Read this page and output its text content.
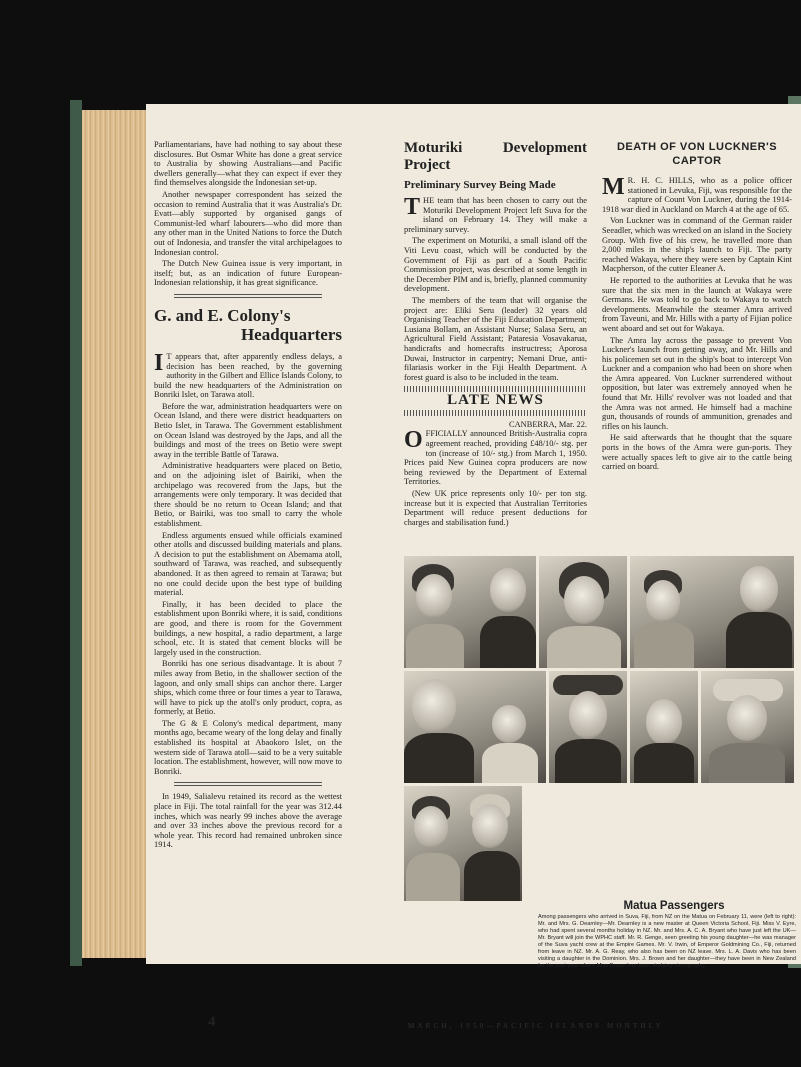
Parliamentarians, have had nothing to say about these disclosures. But Osmar White has done a great service to Australia by showing Australians—and Pacific dwellers generally—what they can expect if ever they find themselves alongside the Indonesian set-up.

Another newspaper correspondent has seized the occasion to remind Australia that it was Australia's Dr. Evatt—ably supported by organised gangs of Communist-led wharf labourers—who did more than any other man in the United Nations to force the Dutch out of Indonesia, and transfer the vital archipelagoes to Indonesian control.

The Dutch New Guinea issue is very important, in itself; but, as an indication of future European-Indonesian relationship, it has great significance.

G. and E. Colony's
Headquarters

I T appears that, after apparently endless delays, a decision has been reached, by the governing authority in the Gilbert and Ellice Islands Colony, to build the new headquarters of the Administration on Bonriki Islet, on Tarawa atoll.

Before the war, administration headquarters were on Ocean Island, and there were district headquarters on Betio Islet, in Tarawa. The Government establishment on Ocean Island was destroyed by the Japs, and all the buildings and most of the trees on Betio were swept away in the terrible Battle of Tarawa.

Administrative headquarters were placed on Betio, and on the adjoining islet of Bairiki, when the archipelago was recovered from the Japs, but the arrangements were only temporary. It was decided that there should be no return to Ocean Island; and that Betio, or Bairiki, was too small to carry the whole establishment.

Endless arguments ensued while officials examined other atolls and discussed building materials and plans. A decision to put the establishment on Abemama atoll, southward of Tarawa, was reached, and subsequently abandoned. It as then agreed to remain at Tarawa; but no one could decide upon the best type of building material.

Finally, it has been decided to place the establishment upon Bonriki where, it is said, conditions are good, and there is room for the Government buildings, a new hospital, a radio department, a large school, etc. It is stated that cement blocks will be largely used in the construction.

Bonriki has one serious disadvantage. It is about 7 miles away from Betio, in the shallower section of the lagoon, and only small ships can anchor there. Larger ships, which come three or four times a year to Tarawa, will have to pick up the atoll's only product, copra, as formerly, at Betio.

The G & E Colony's medical department, many months ago, became weary of the long delay and finally established its hospital at Abaokoro Islet, on the western side of Tarawa atoll—said to be a very suitable location. The establishment, however, will now move to Bonriki.

In 1949, Salialevu retained its record as the wettest place in Fiji. The total rainfall for the year was 312.44 inches, which was nearly 99 inches above the average and over 33 inches above the previous record for a whole year. This record had remained unbroken since 1914.

Moturiki Development Project
Preliminary Survey Being Made

THE team that has been chosen to carry out the Moturiki Development Project left Suva for the island on February 14. They will make a preliminary survey.

The experiment on Moturiki, a small island off the Viti Levu coast, which will be conducted by the Government of Fiji as part of a South Pacific Commission project, was described at some length in the December PIM and is, briefly, planned community development.

The members of the team that will organise the project are: Eliki Seru (leader) 32 years old Organising Teacher of the Fiji Education Department; Lusiana Bollam, an Assistant Nurse; Salasa Seru, an Agricultural Field Assistant; Pataresia Vosavakarua, handicrafts and homecrafts instructress; Aporosa Duwai, Instructor in carpentry; Nemani Drue, anti-filariasis worker in the Fiji Health Department. A forest guard is also to be included in the team.

LATE NEWS
CANBERRA, Mar. 22.

OFFICIALLY announced British-Australia copra agreement reached, providing £48/10/- stg. per ton (increase of 10/- stg.) from March 1, 1950. Prices paid New Guinea copra producers are now being reviewed by the Department of External Territories.

(New UK price represents only 10/- per ton stg. increase but it is expected that Australian Territories Department will reduce present deductions for charges and stabilisation fund.)

DEATH OF VON LUCKNER'S CAPTOR

M R. H. C. HILLS, who as a police officer stationed in Levuka, Fiji, was responsible for the capture of Count Von Luckner, during the 1914-1918 war died in Auckland on March 4 at the age of 65.

Von Luckner was in command of the German raider Seeadler, which was wrecked on an island in the Society Group. With five of his crew, he travelled more than 2,000 miles in the ship's launch to Fiji. The party reached Wakaya, where they were seen by Captain Kint Macpherson, of the cutter Eleaner A.

He reported to the authorities at Levuka that he was sure that the six men in the launch at Wakaya were Germans. He was told to go back to Wakaya to watch developments. Meanwhile the steamer Amra arrived from Taveuni, and Mr. Hills with a party of Fijian police went aboard and set out for Wakaya.

The Amra lay across the passage to prevent Von Luckner's launch from getting away, and Mr. Hills and his policemen set out in the ship's boat to intercept Von Luckner and a companion who had been on shore when the Amra appeared. Von Luckner surrendered without opposition, but later was extremely annoyed when he found that Mr. Hills' revolver was not loaded and that the Amra was not armed. He himself had a machine gun, thousands of rounds of ammunition, grenades and rifles on his launch.

He said afterwards that he thought that the square ports in the bows of the Amra were gun-ports. They were actually spaces left to give air to the cattle being carried on board.

Matua Passengers
Among passengers who arrived in Suva, Fiji, from NZ on the Matua on February 11, were (left to right): Mr. and Mrs. G. Dearnley—Mr. Dearnley is a new master at Queen Victoria School, Fiji. Miss V. Eyre, who had spent several months holiday in NZ. Mr. and Mrs. A. C. A. Bryant who have just left the UK—Mr. Bryant will join the WPHC staff. Mr. R. Genge, seen greeting his young daughter—he was manager of the Suva yacht crew at the Empire Games. Mr. V. Irwin, of Emperor Goldmining Co., Fiji, returned from leave in NZ. Mr. A. G. Reay, who also has been on NZ leave. Mrs. L. A. Davis who has been visiting a daughter in the Dominion. Mrs. J. Brown and her daughter—they have been in New Zealand for the past year where Miss Brown has been studying stenography.
4	MARCH, 1950—PACIFIC ISLANDS MONTHLY
